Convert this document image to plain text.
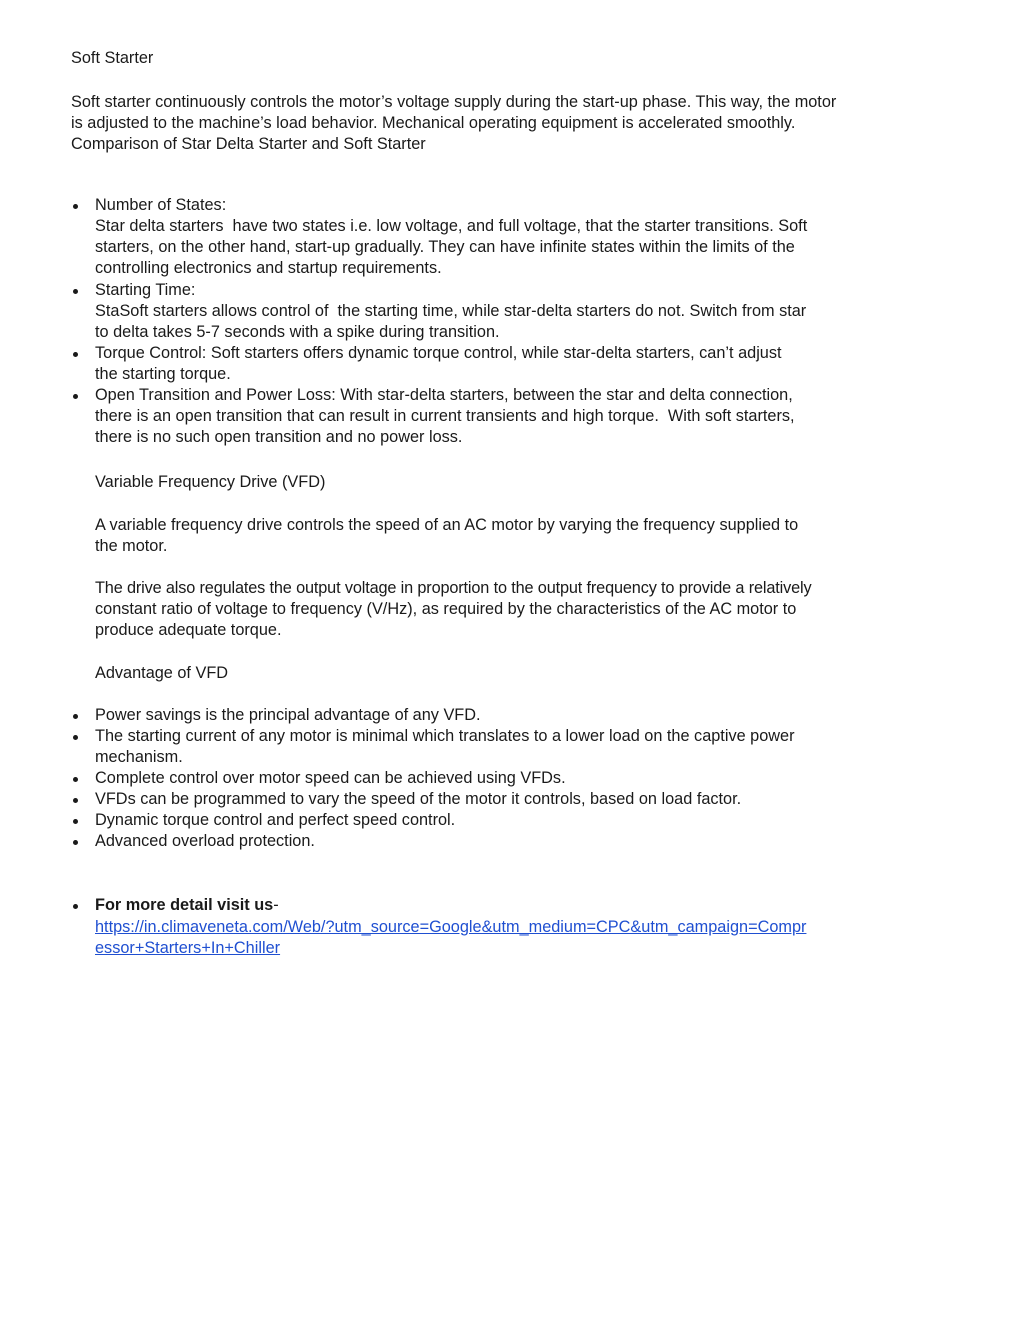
Soft Starter
Soft starter continuously controls the motor’s voltage supply during the start-up phase. This way, the motor
is adjusted to the machine’s load behavior. Mechanical operating equipment is accelerated smoothly.
Comparison of Star Delta Starter and Soft Starter
Number of States:
Star delta starters  have two states i.e. low voltage, and full voltage, that the starter transitions. Soft
starters, on the other hand, start-up gradually. They can have infinite states within the limits of the
controlling electronics and startup requirements.
Starting Time:
StaSoft starters allows control of  the starting time, while star-delta starters do not. Switch from star
to delta takes 5-7 seconds with a spike during transition.
Torque Control: Soft starters offers dynamic torque control, while star-delta starters, can’t adjust
the starting torque.
Open Transition and Power Loss: With star-delta starters, between the star and delta connection,
there is an open transition that can result in current transients and high torque.  With soft starters,
there is no such open transition and no power loss.
Variable Frequency Drive (VFD)
A variable frequency drive controls the speed of an AC motor by varying the frequency supplied to
the motor.
The drive also regulates the output voltage in proportion to the output frequency to provide a relatively
constant ratio of voltage to frequency (V/Hz), as required by the characteristics of the AC motor to
produce adequate torque.
Advantage of VFD
Power savings is the principal advantage of any VFD.
The starting current of any motor is minimal which translates to a lower load on the captive power
mechanism.
Complete control over motor speed can be achieved using VFDs.
VFDs can be programmed to vary the speed of the motor it controls, based on load factor.
Dynamic torque control and perfect speed control.
Advanced overload protection.
For more detail visit us-
https://in.climaveneta.com/Web/?utm_source=Google&utm_medium=CPC&utm_campaign=Compr
essor+Starters+In+Chiller
